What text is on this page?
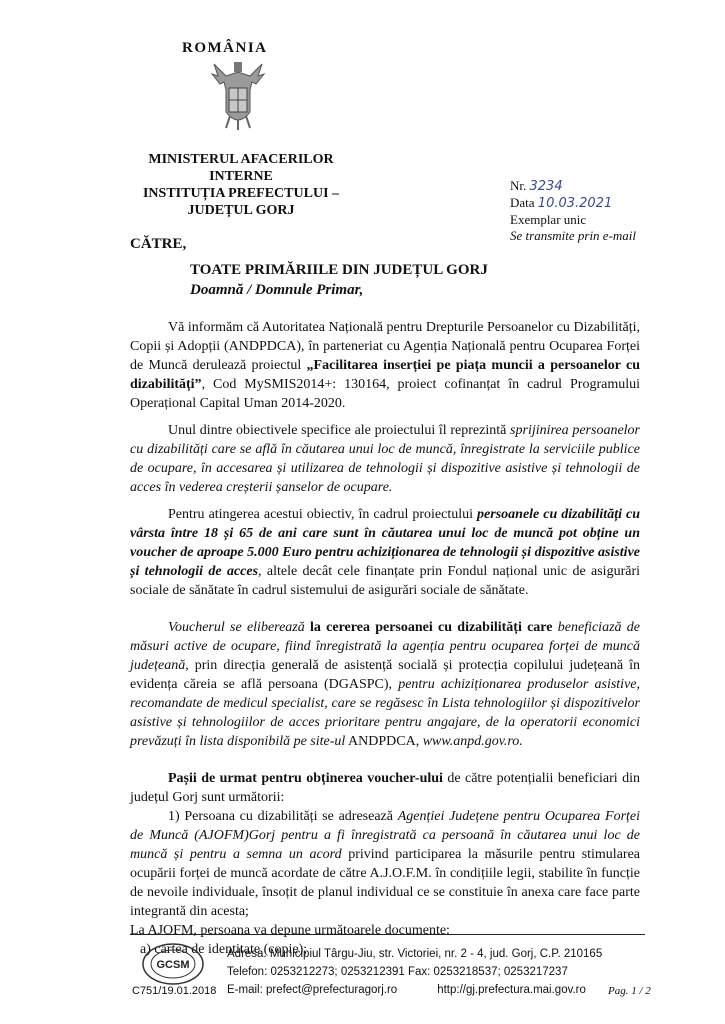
ROMÂNIA
MINISTERUL AFACERILOR INTERNE
INSTITUȚIA PREFECTULUI – JUDEȚUL GORJ
Nr. 3234
Data 10.03.2021
Exemplar unic
Se transmite prin e-mail
CĂTRE,
TOATE PRIMĂRIILE DIN JUDEȚUL GORJ
Doamnă / Domnule Primar,

Vă informăm că Autoritatea Națională pentru Drepturile Persoanelor cu Dizabilități, Copii și Adopții (ANDPDCA), în parteneriat cu Agenția Națională pentru Ocuparea Forței de Muncă derulează proiectul „Facilitarea inserției pe piața muncii a persoanelor cu dizabilități”, Cod MySMIS2014+: 130164, proiect cofinanțat în cadrul Programului Operațional Capital Uman 2014-2020.

Unul dintre obiectivele specifice ale proiectului îl reprezintă sprijinirea persoanelor cu dizabilități care se află în căutarea unui loc de muncă, înregistrate la serviciile publice de ocupare, în accesarea și utilizarea de tehnologii și dispozitive asistive și tehnologii de acces în vederea creșterii șanselor de ocupare.

Pentru atingerea acestui obiectiv, în cadrul proiectului persoanele cu dizabilități cu vârsta între 18 și 65 de ani care sunt în căutarea unui loc de muncă pot obține un voucher de aproape 5.000 Euro pentru achiziționarea de tehnologii și dispozitive asistive și tehnologii de acces, altele decât cele finanțate prin Fondul național unic de asigurări sociale de sănătate în cadrul sistemului de asigurări sociale de sănătate.

Voucherul se eliberează la cererea persoanei cu dizabilități care beneficiază de măsuri active de ocupare, fiind înregistrată la agenția pentru ocuparea forței de muncă județeană, prin direcția generală de asistență socială și protecția copilului județeană în evidența căreia se află persoana (DGASPC), pentru achiziționarea produselor asistive, recomandate de medicul specialist, care se regăsesc în Lista tehnologiilor și dispozitivelor asistive și tehnologiilor de acces prioritare pentru angajare, de la operatorii economici prevăzuți în lista disponibilă pe site-ul ANDPDCA, www.anpd.gov.ro.

Pașii de urmat pentru obținerea voucher-ului de către potențialii beneficiari din județul Gorj sunt următorii:

1) Persoana cu dizabilități se adresează Agenției Județene pentru Ocuparea Forței de Muncă (AJOFM)Gorj pentru a fi înregistrată ca persoană în căutarea unui loc de muncă și pentru a semna un acord privind participarea la măsurile pentru stimularea ocupării forței de muncă acordate de către A.J.O.F.M. în condițiile legii, stabilite în funcție de nevoile individuale, însoțit de planul individual ce se constituie în anexa care face parte integrantă din acesta;

La AJOFM, persoana va depune următoarele documente:

a) cartea de identitate (copie);

GCSM
C751/19.01.2018
Adresa: Municipiul Târgu-Jiu, str. Victoriei, nr. 2 - 4, jud. Gorj, C.P. 210165
Telefon: 0253212273; 0253212391 Fax: 0253218537; 0253217237
E-mail: prefect@prefecturagorj.ro	http://gj.prefectura.mai.gov.ro	Pag. 1 / 2
